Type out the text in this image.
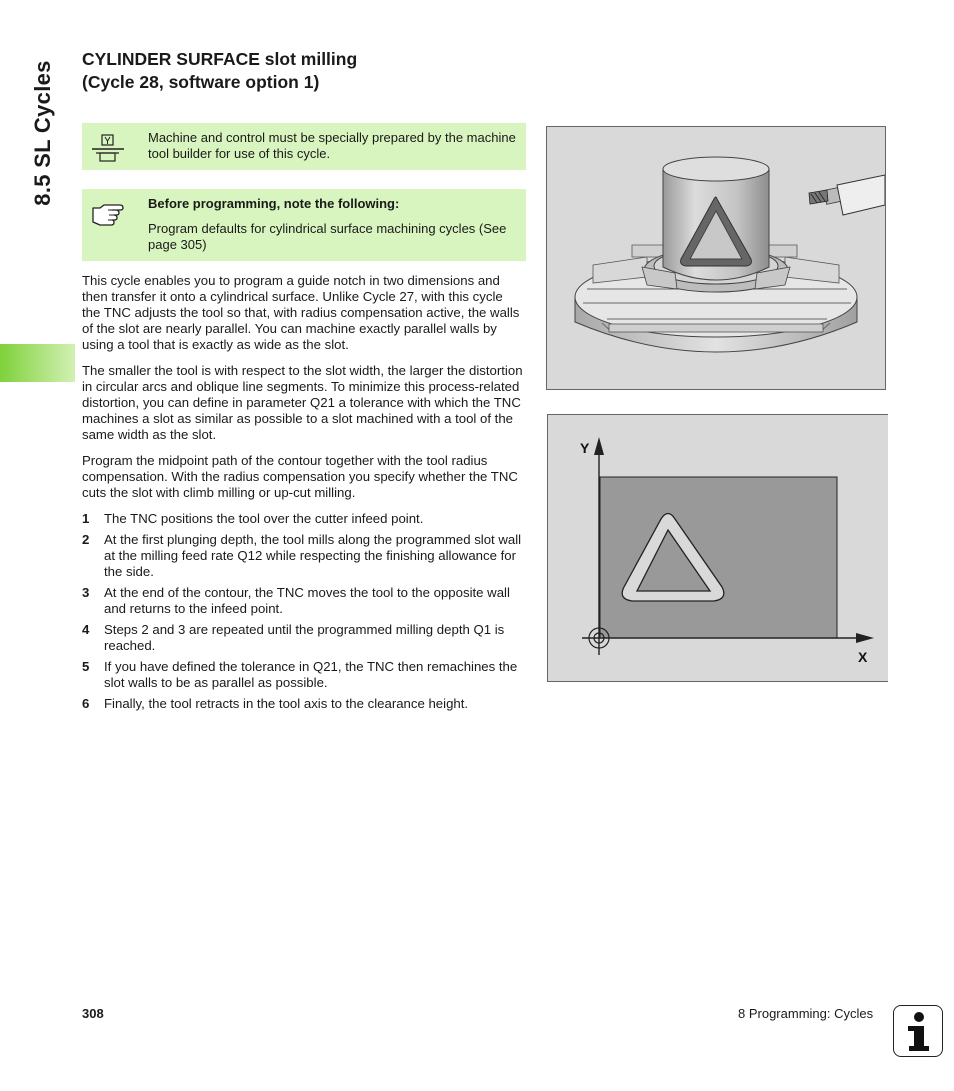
8.5 SL Cycles
CYLINDER SURFACE slot milling
(Cycle 28, software option 1)
Machine and control must be specially prepared by the machine tool builder for use of this cycle.
Before programming, note the following:
Program defaults for cylindrical surface machining cycles (See page 305)

This cycle enables you to program a guide notch in two dimensions and then transfer it onto a cylindrical surface. Unlike Cycle 27, with this cycle the TNC adjusts the tool so that, with radius compensation active, the walls of the slot are nearly parallel. You can machine exactly parallel walls by using a tool that is exactly as wide as the slot.

The smaller the tool is with respect to the slot width, the larger the distortion in circular arcs and oblique line segments. To minimize this process-related distortion, you can define in parameter Q21 a tolerance with which the TNC machines a slot as similar as possible to a slot machined with a tool of the same width as the slot.

Program the midpoint path of the contour together with the tool radius compensation. With the radius compensation you specify whether the TNC cuts the slot with climb milling or up-cut milling.

1 The TNC positions the tool over the cutter infeed point.
2 At the first plunging depth, the tool mills along the programmed slot wall at the milling feed rate Q12 while respecting the finishing allowance for the side.
3 At the end of the contour, the TNC moves the tool to the opposite wall and returns to the infeed point.
4 Steps 2 and 3 are repeated until the programmed milling depth Q1 is reached.
5 If you have defined the tolerance in Q21, the TNC then remachines the slot walls to be as parallel as possible.
6 Finally, the tool retracts in the tool axis to the clearance height.
Y
X
308	8 Programming: Cycles
